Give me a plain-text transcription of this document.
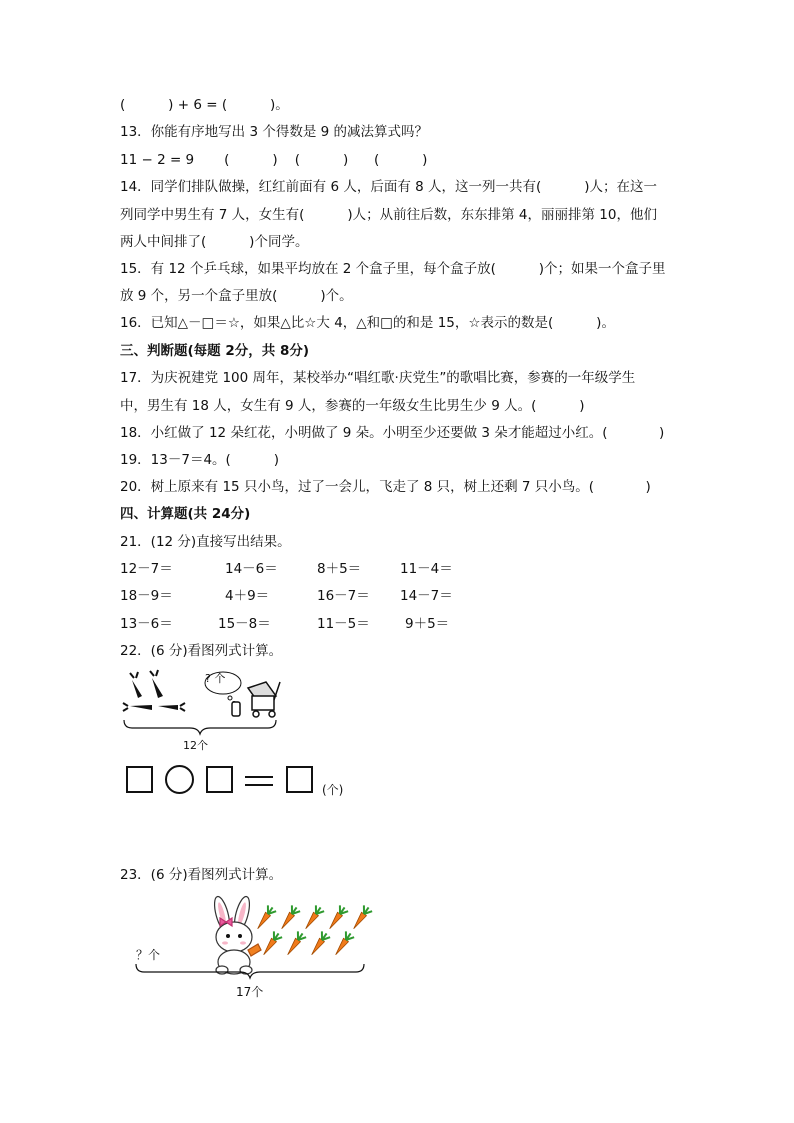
(          ) + 6 = (          )。
13．你能有序地写出 3 个得数是 9 的减法算式吗？
11 − 2 = 9       (          )    (          )      (          )
14．同学们排队做操，红红前面有 6 人，后面有 8 人，这一列一共有(          )人；在这一
列同学中男生有 7 人，女生有(          )人；从前往后数，东东排第 4，丽丽排第 10，他们
两人中间排了(          )个同学。
15．有 12 个乒乓球，如果平均放在 2 个盒子里，每个盒子放(          )个；如果一个盒子里
放 9 个，另一个盒子里放(          )个。
16．已知△－□＝☆，如果△比☆大 4，△和□的和是 15，☆表示的数是(          )。
三、判断题(每题 2分，共 8分)
17．为庆祝建党 100 周年，某校举办“唱红歌·庆党生”的歌唱比赛，参赛的一年级学生
中，男生有 18 人，女生有 9 人，参赛的一年级女生比男生少 9 人。(          )
18．小红做了 12 朵红花，小明做了 9 朵。小明至少还要做 3 朵才能超过小红。(            )
19．13－7＝4。(          )
20．树上原来有 15 只小鸟，过了一会儿，飞走了 8 只，树上还剩 7 只小鸟。(            )
四、计算题(共 24分)
21．(12 分)直接写出结果。
12－7＝	14－6＝	8＋5＝	11－4＝
18－9＝	4＋9＝	16－7＝ 14－7＝
13－6＝	15－8＝	11－5＝	9＋5＝
22．(6 分)看图列式计算。
? 个
12个
(个)
23．(6 分)看图列式计算。
？个
17个
